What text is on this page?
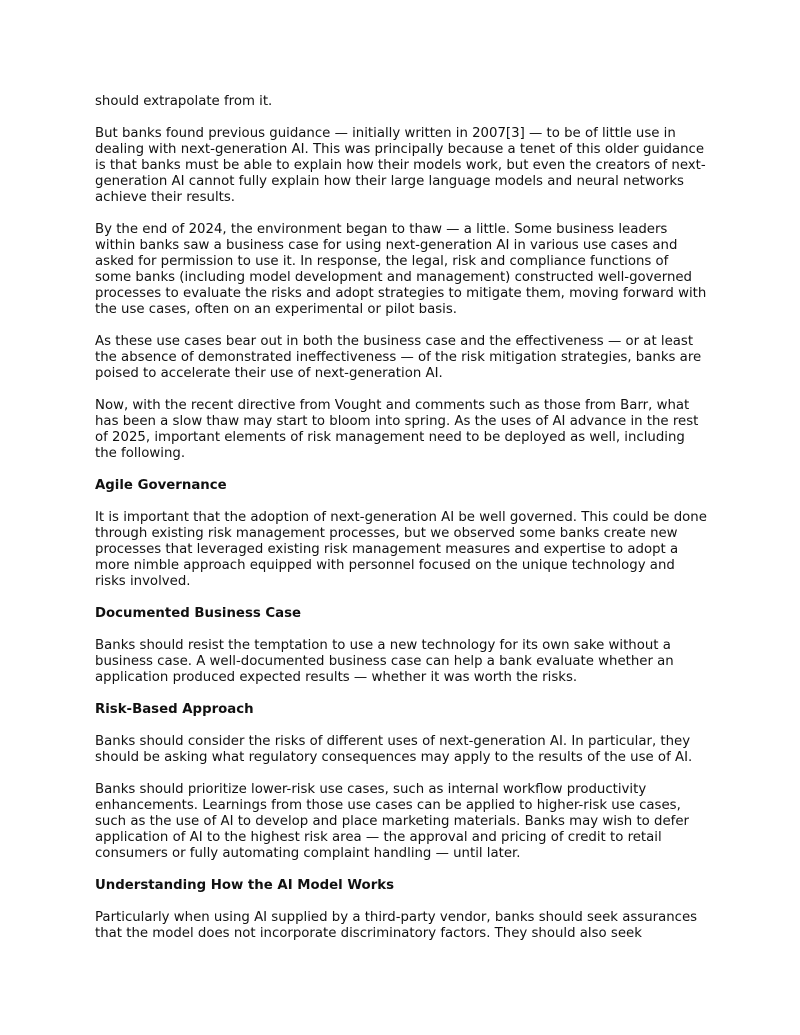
should extrapolate from it.

But banks found previous guidance — initially written in 2007[3] — to be of little use in dealing with next-generation AI. This was principally because a tenet of this older guidance is that banks must be able to explain how their models work, but even the creators of next-generation AI cannot fully explain how their large language models and neural networks achieve their results.

By the end of 2024, the environment began to thaw — a little. Some business leaders within banks saw a business case for using next-generation AI in various use cases and asked for permission to use it. In response, the legal, risk and compliance functions of some banks (including model development and management) constructed well-governed processes to evaluate the risks and adopt strategies to mitigate them, moving forward with the use cases, often on an experimental or pilot basis.

As these use cases bear out in both the business case and the effectiveness — or at least the absence of demonstrated ineffectiveness — of the risk mitigation strategies, banks are poised to accelerate their use of next-generation AI.

Now, with the recent directive from Vought and comments such as those from Barr, what has been a slow thaw may start to bloom into spring. As the uses of AI advance in the rest of 2025, important elements of risk management need to be deployed as well, including the following.

Agile Governance

It is important that the adoption of next-generation AI be well governed. This could be done through existing risk management processes, but we observed some banks create new processes that leveraged existing risk management measures and expertise to adopt a more nimble approach equipped with personnel focused on the unique technology and risks involved.

Documented Business Case

Banks should resist the temptation to use a new technology for its own sake without a business case. A well-documented business case can help a bank evaluate whether an application produced expected results — whether it was worth the risks.

Risk-Based Approach

Banks should consider the risks of different uses of next-generation AI. In particular, they should be asking what regulatory consequences may apply to the results of the use of AI.

Banks should prioritize lower-risk use cases, such as internal workflow productivity enhancements. Learnings from those use cases can be applied to higher-risk use cases, such as the use of AI to develop and place marketing materials. Banks may wish to defer application of AI to the highest risk area — the approval and pricing of credit to retail consumers or fully automating complaint handling — until later.

Understanding How the AI Model Works

Particularly when using AI supplied by a third-party vendor, banks should seek assurances that the model does not incorporate discriminatory factors. They should also seek
